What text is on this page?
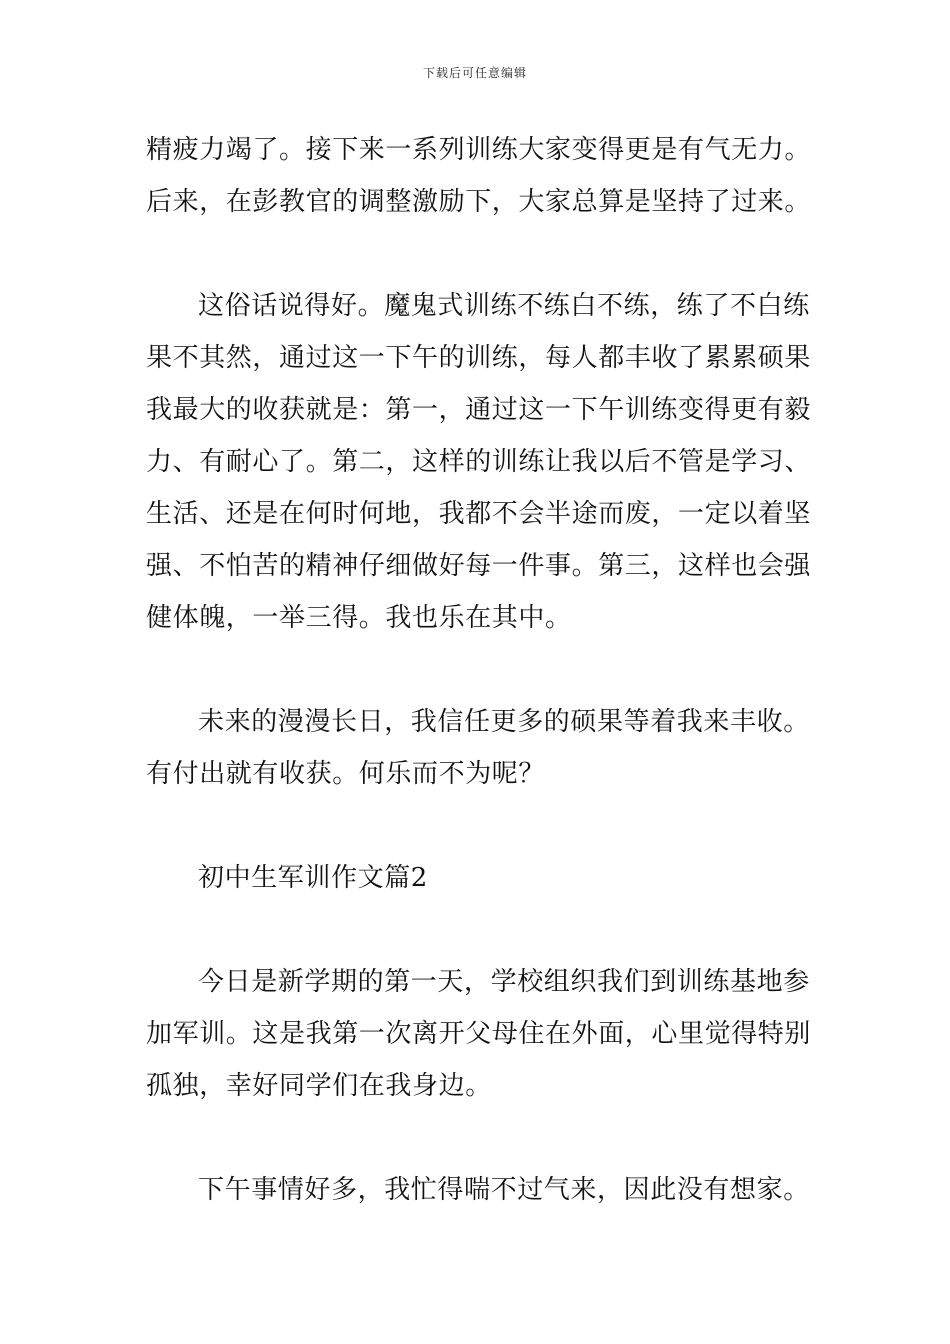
下载后可任意编辑
精疲力竭了。接下来一系列训练大家变得更是有气无力。
后来，在彭教官的调整激励下，大家总算是坚持了过来。
这俗话说得好。魔鬼式训练不练白不练，练了不白练
果不其然，通过这一下午的训练，每人都丰收了累累硕果
我最大的收获就是：第一，通过这一下午训练变得更有毅
力、有耐心了。第二，这样的训练让我以后不管是学习、
生活、还是在何时何地，我都不会半途而废，一定以着坚
强、不怕苦的精神仔细做好每一件事。第三，这样也会强
健体魄，一举三得。我也乐在其中。
未来的漫漫长日，我信任更多的硕果等着我来丰收。
有付出就有收获。何乐而不为呢？
初中生军训作文篇2
今日是新学期的第一天，学校组织我们到训练基地参
加军训。这是我第一次离开父母住在外面，心里觉得特别
孤独，幸好同学们在我身边。
下午事情好多，我忙得喘不过气来，因此没有想家。
